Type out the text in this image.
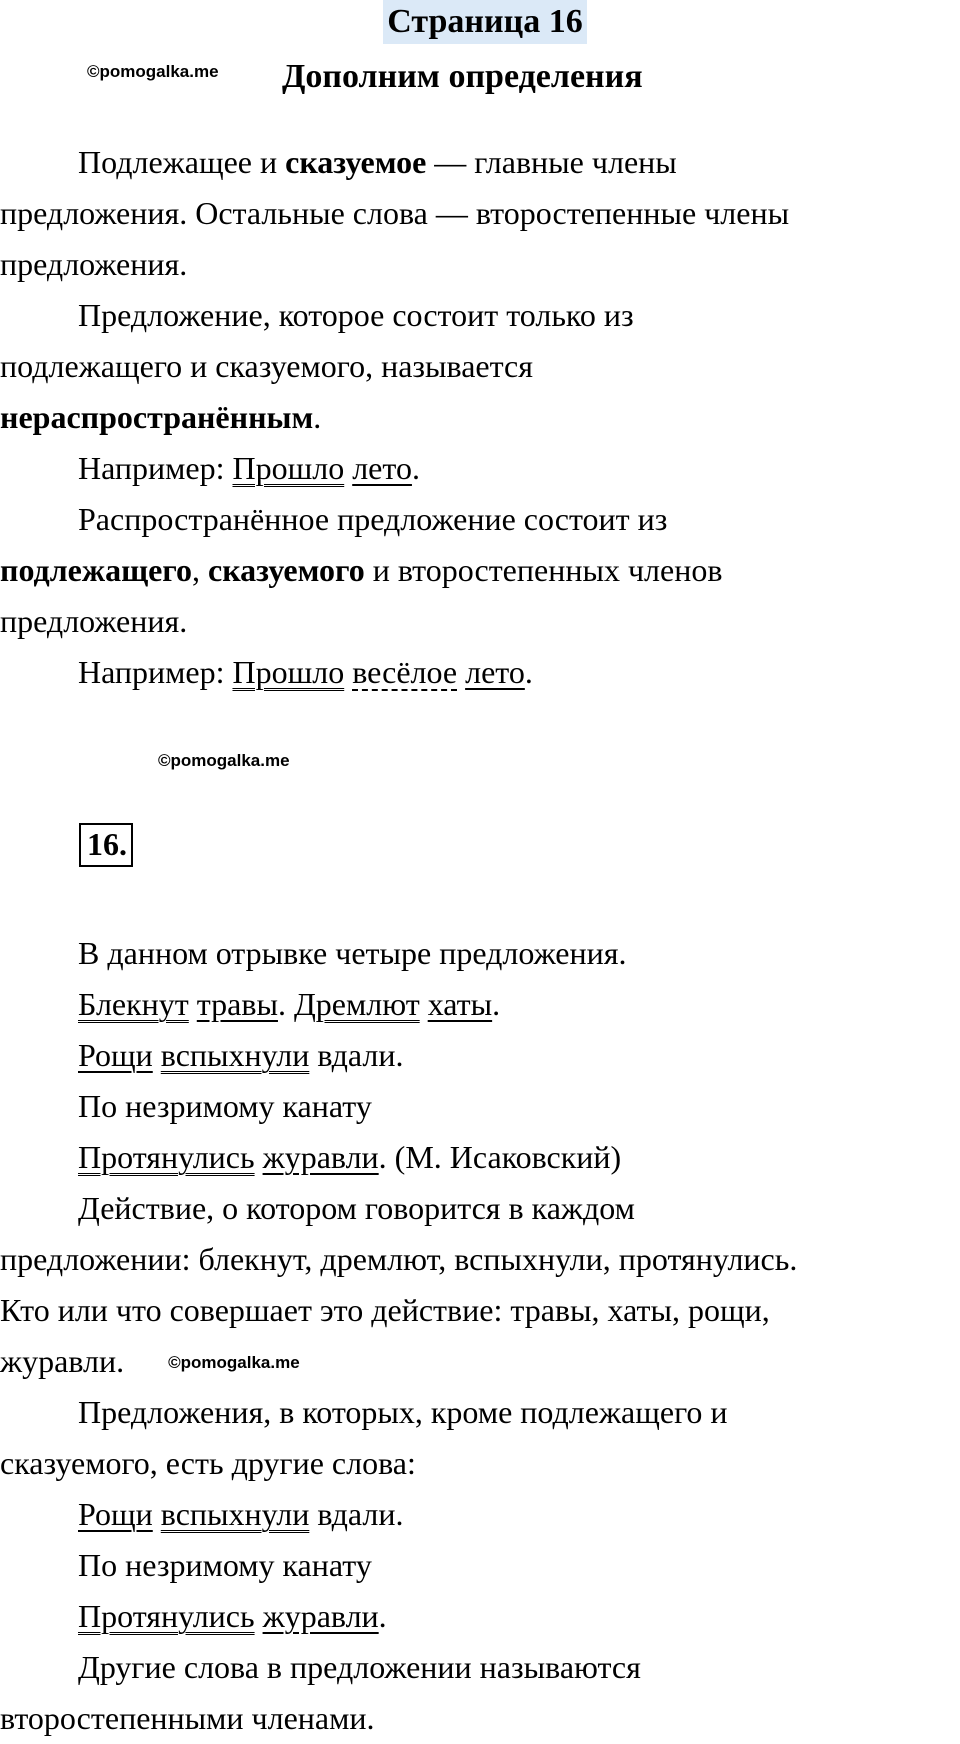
Страница 16
©pomogalka.me Дополним определения
Подлежащее и сказуемое — главные члены
предложения. Остальные слова — второстепенные члены
предложения.
Предложение, которое состоит только из
подлежащего и сказуемого, называется
нераспространённым.
Например: Прошло лето.
Распространённое предложение состоит из
подлежащего, сказуемого и второстепенных членов
предложения.
Например: Прошло весёлое лето.
©pomogalka.me
16.
В данном отрывке четыре предложения.
Блекнут травы. Дремлют хаты.
Рощи вспыхнули вдали.
По незримому канату
Протянулись журавли. (М. Исаковский)
Действие, о котором говорится в каждом
предложении: блекнут, дремлют, вспыхнули, протянулись.
Кто или что совершает это действие: травы, хаты, рощи,
журавли.	©pomogalka.me
Предложения, в которых, кроме подлежащего и
сказуемого, есть другие слова:
Рощи вспыхнули вдали.
По незримому канату
Протянулись журавли.
Другие слова в предложении называются
второстепенными членами.
